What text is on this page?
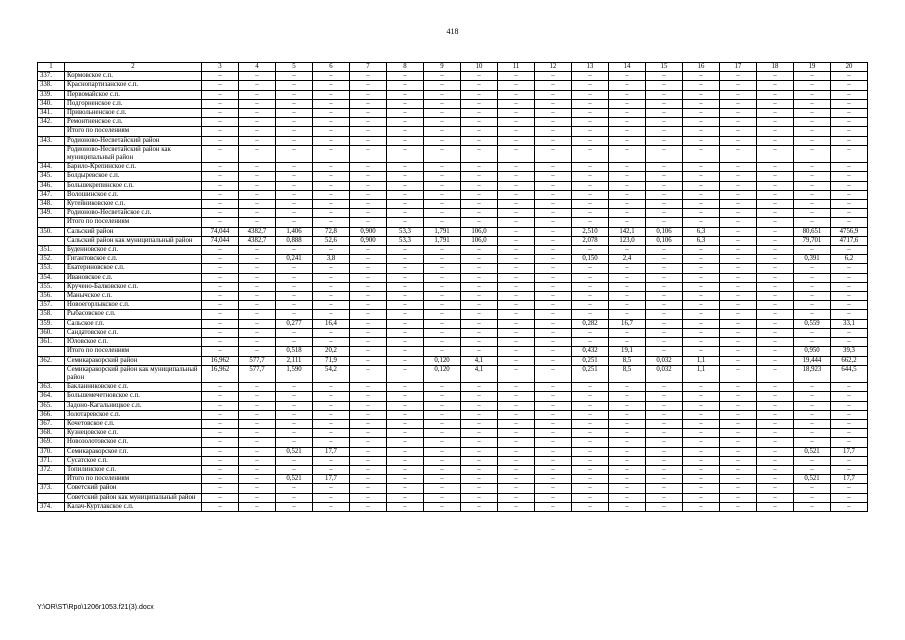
418
1	2	3	4	5	6	7	8	9	10	11	12	13	14	15	16	17	18	19	20
337.	Кормовское с.п.	–	–	–	–	–	–	–	–	–	–	–	–	–	–	–	–	–	–
338.	Краснопартизанское с.п.	–	–	–	–	–	–	–	–	–	–	–	–	–	–	–	–	–	–
339.	Первомайское с.п.	–	–	–	–	–	–	–	–	–	–	–	–	–	–	–	–	–	–
340.	Подгорненское с.п.	–	–	–	–	–	–	–	–	–	–	–	–	–	–	–	–	–	–
341.	Привольненское с.п.	–	–	–	–	–	–	–	–	–	–	–	–	–	–	–	–	–	–
342.	Ремонтненское с.п.	–	–	–	–	–	–	–	–	–	–	–	–	–	–	–	–	–	–
	Итого по поселениям	–	–	–	–	–	–	–	–	–	–	–	–	–	–	–	–	–	–
343.	Родионово-Несветайский район	–	–	–	–	–	–	–	–	–	–	–	–	–	–	–	–	–	–
	Родионово-Несветайский район как муниципальный район	–	–	–	–	–	–	–	–	–	–	–	–	–	–	–	–	–	–
344.	Барило-Крепинское с.п.	–	–	–	–	–	–	–	–	–	–	–	–	–	–	–	–	–	–
345.	Болдыревское с.п.	–	–	–	–	–	–	–	–	–	–	–	–	–	–	–	–	–	–
346.	Большекрепинское с.п.	–	–	–	–	–	–	–	–	–	–	–	–	–	–	–	–	–	–
347.	Волошинское с.п.	–	–	–	–	–	–	–	–	–	–	–	–	–	–	–	–	–	–
348.	Кутейниковское с.п.	–	–	–	–	–	–	–	–	–	–	–	–	–	–	–	–	–	–
349.	Родионово-Несветайское с.п.	–	–	–	–	–	–	–	–	–	–	–	–	–	–	–	–	–	–
	Итого по поселениям	–	–	–	–	–	–	–	–	–	–	–	–	–	–	–	–	–	–
350.	Сальский район	74,044	4382,7	1,406	72,8	0,900	53,3	1,791	106,0	–	–	2,510	142,1	0,106	6,3	–	–	80,651	4756,9
	Сальский район как муниципальный район	74,044	4382,7	0,888	52,6	0,900	53,3	1,791	106,0	–	–	2,078	123,0	0,106	6,3	–	–	79,701	4717,6
351.	Буденновское с.п.	–	–	–	–	–	–	–	–	–	–	–	–	–	–	–	–	–	–
352.	Гигантовское с.п.	–	–	0,241	3,8	–	–	–	–	–	–	0,150	2,4	–	–	–	–	0,391	6,2
353.	Екатериновское с.п.	–	–	–	–	–	–	–	–	–	–	–	–	–	–	–	–	–	–
354.	Ивановское с.п.	–	–	–	–	–	–	–	–	–	–	–	–	–	–	–	–	–	–
355.	Крученo-Балковское с.п.	–	–	–	–	–	–	–	–	–	–	–	–	–	–	–	–	–	–
356.	Манычское с.п.	–	–	–	–	–	–	–	–	–	–	–	–	–	–	–	–	–	–
357.	Новоегорлыкское с.п.	–	–	–	–	–	–	–	–	–	–	–	–	–	–	–	–	–	–
358.	Рыбасовское с.п.	–	–	–	–	–	–	–	–	–	–	–	–	–	–	–	–	–	–
359.	Сальское г.п.	–	–	0,277	16,4	–	–	–	–	–	–	0,282	16,7	–	–	–	–	0,559	33,1
360.	Сандатовское с.п.	–	–	–	–	–	–	–	–	–	–	–	–	–	–	–	–	–	–
361.	Юловское с.п.	–	–	–	–	–	–	–	–	–	–	–	–	–	–	–	–	–	–
	Итого по поселениям	–	–	0,518	20,2	–	–	–	–	–	–	0,432	19,1	–	–	–	–	0,950	39,3
362.	Семикаракорский район	16,962	577,7	2,111	71,9	–	–	0,120	4,1	–	–	0,251	8,5	0,032	1,1	–	–	19,444	662,2
	Семикаракорский район как муниципальный район	16,962	577,7	1,590	54,2	–	–	0,120	4,1	–	–	0,251	8,5	0,032	1,1	–	–	18,923	644,5
363.	Бакланниковское с.п.	–	–	–	–	–	–	–	–	–	–	–	–	–	–	–	–	–	–
364.	Большемечетновское с.п.	–	–	–	–	–	–	–	–	–	–	–	–	–	–	–	–	–	–
365.	Задоно-Кагальницкое с.п.	–	–	–	–	–	–	–	–	–	–	–	–	–	–	–	–	–	–
366.	Золотаревское с.п.	–	–	–	–	–	–	–	–	–	–	–	–	–	–	–	–	–	–
367.	Кочетовское с.п.	–	–	–	–	–	–	–	–	–	–	–	–	–	–	–	–	–	–
368.	Кузнецовское с.п.	–	–	–	–	–	–	–	–	–	–	–	–	–	–	–	–	–	–
369.	Новозолотовское с.п.	–	–	–	–	–	–	–	–	–	–	–	–	–	–	–	–	–	–
370.	Семикаракорское г.п.	–	–	0,521	17,7	–	–	–	–	–	–	–	–	–	–	–	–	0,521	17,7
371.	Сусатское с.п.	–	–	–	–	–	–	–	–	–	–	–	–	–	–	–	–	–	–
372.	Топилинское с.п.	–	–	–	–	–	–	–	–	–	–	–	–	–	–	–	–	–	–
	Итого по поселениям	–	–	0,521	17,7	–	–	–	–	–	–	–	–	–	–	–	–	0,521	17,7
373.	Советский район	–	–	–	–	–	–	–	–	–	–	–	–	–	–	–	–	–	–
	Советский район как муниципальный район	–	–	–	–	–	–	–	–	–	–	–	–	–	–	–	–	–	–
374.	Калач-Куртлакское с.п.	–	–	–	–	–	–	–	–	–	–	–	–	–	–	–	–	–	–
Y:\OR\ST\Rpo\1206r1053.f21(3).docx
